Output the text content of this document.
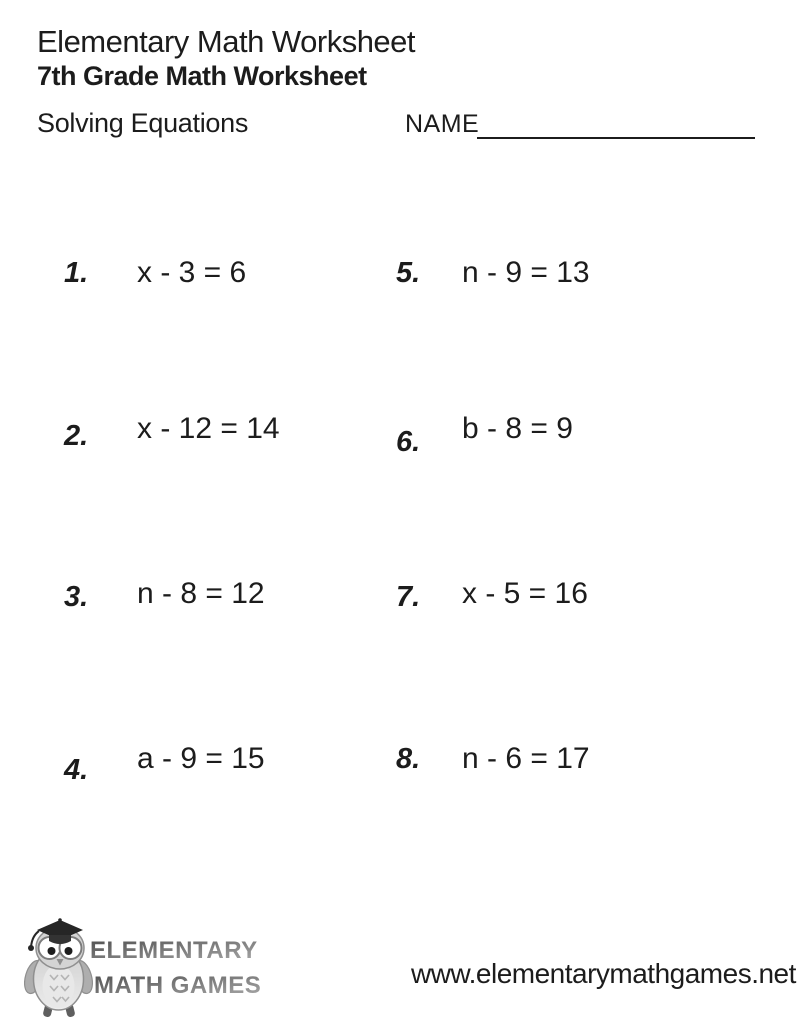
Elementary Math Worksheet
7th Grade Math Worksheet
Solving Equations	NAME
1. x - 3 = 6
2. x - 12 = 14
3. n - 8 = 12
4. a - 9 = 15
5. n - 9 = 13
6. b - 8 = 9
7. x - 5 = 16
8. n - 6 = 17
ELEMENTARY
MATH GAMES	www.elementarymathgames.net
